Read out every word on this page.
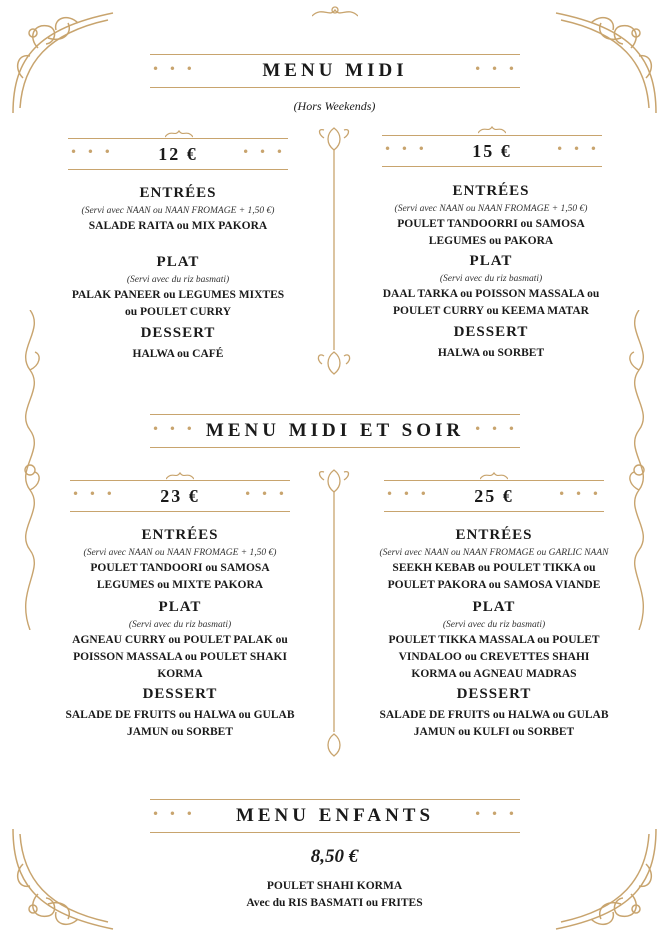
MENU MIDI
• • •	• • •
(Hors Weekends)
12 €
• • •	• • •	15 €
• • •	• • •

ENTRÉES

(Servi avec NAAN ou NAAN FROMAGE + 1,50 €)

SALADE RAITA ou MIX PAKORA

PLAT

(Servi avec du riz basmati)

PALAK PANEER ou LEGUMES MIXTES
ou POULET CURRY

DESSERT

HALWA ou CAFÉ

ENTRÉES

(Servi avec NAAN ou NAAN FROMAGE + 1,50 €)

POULET TANDOORRI ou SAMOSA
LEGUMES ou PAKORA

PLAT

(Servi avec du riz basmati)

DAAL TARKA ou POISSON MASSALA ou
POULET CURRY ou KEEMA MATAR

DESSERT

HALWA ou SORBET

MENU MIDI ET SOIR
• • •	• • •
23 €
• • •	• • •	25 €
• • •	• • •

ENTRÉES

(Servi avec NAAN ou NAAN FROMAGE + 1,50 €)

POULET TANDOORI ou SAMOSA
LEGUMES ou MIXTE PAKORA

PLAT

(Servi avec du riz basmati)

AGNEAU CURRY ou POULET PALAK ou
POISSON MASSALA ou POULET SHAKI
KORMA

DESSERT

SALADE DE FRUITS ou HALWA ou GULAB
JAMUN ou SORBET

ENTRÉES

(Servi avec NAAN ou NAAN FROMAGE ou GARLIC NAAN

SEEKH KEBAB ou POULET TIKKA ou
POULET PAKORA ou SAMOSA VIANDE

PLAT

(Servi avec du riz basmati)

POULET TIKKA MASSALA ou POULET
VINDALOO ou CREVETTES SHAHI
KORMA ou AGNEAU MADRAS

DESSERT

SALADE DE FRUITS ou HALWA ou GULAB
JAMUN ou KULFI ou SORBET

MENU ENFANTS
• • •	• • •
8,50 €
POULET SHAHI KORMA
Avec du RIS BASMATI ou FRITES
